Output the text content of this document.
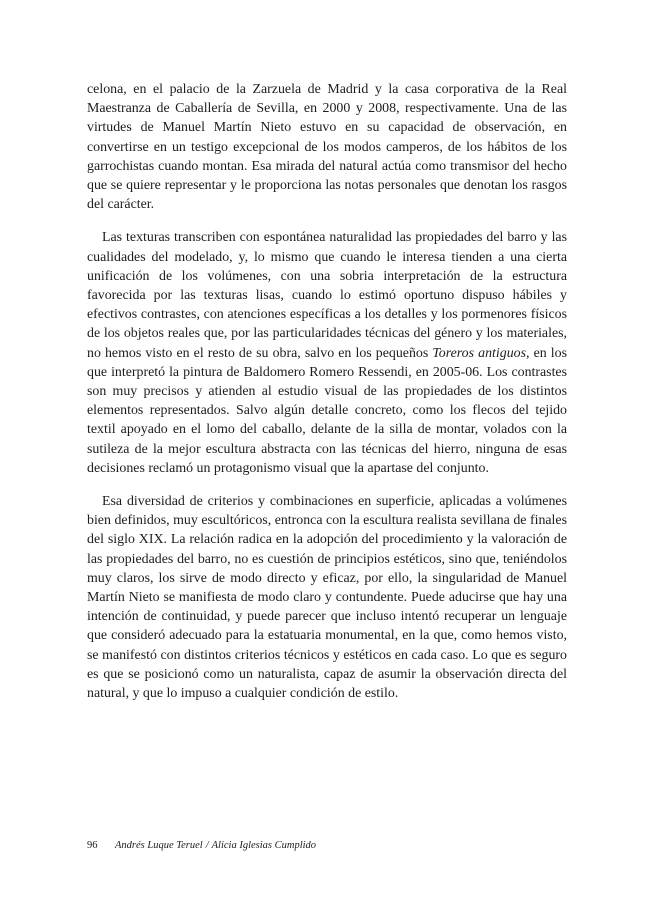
celona, en el palacio de la Zarzuela de Madrid y la casa corporativa de la Real Maestranza de Caballería de Sevilla, en 2000 y 2008, respectivamente. Una de las virtudes de Manuel Martín Nieto estuvo en su capacidad de observación, en convertirse en un testigo excepcional de los modos camperos, de los hábitos de los garrochistas cuando montan. Esa mirada del natural actúa como transmisor del hecho que se quiere representar y le proporciona las notas personales que denotan los rasgos del carácter.

Las texturas transcriben con espontánea naturalidad las propiedades del barro y las cualidades del modelado, y, lo mismo que cuando le interesa tienden a una cierta unificación de los volúmenes, con una sobria interpretación de la estructura favorecida por las texturas lisas, cuando lo estimó oportuno dispuso hábiles y efectivos contrastes, con atenciones específicas a los detalles y los pormenores físicos de los objetos reales que, por las particularidades técnicas del género y los materiales, no hemos visto en el resto de su obra, salvo en los pequeños Toreros antiguos, en los que interpretó la pintura de Baldomero Romero Ressendi, en 2005-06. Los contrastes son muy precisos y atienden al estudio visual de las propiedades de los distintos elementos representados. Salvo algún detalle concreto, como los flecos del tejido textil apoyado en el lomo del caballo, delante de la silla de montar, volados con la sutileza de la mejor escultura abstracta con las técnicas del hierro, ninguna de esas decisiones reclamó un protagonismo visual que la apartase del conjunto.

Esa diversidad de criterios y combinaciones en superficie, aplicadas a volúmenes bien definidos, muy escultóricos, entronca con la escultura realista sevillana de finales del siglo XIX. La relación radica en la adopción del procedimiento y la valoración de las propiedades del barro, no es cuestión de principios estéticos, sino que, teniéndolos muy claros, los sirve de modo directo y eficaz, por ello, la singularidad de Manuel Martín Nieto se manifiesta de modo claro y contundente. Puede aducirse que hay una intención de continuidad, y puede parecer que incluso intentó recuperar un lenguaje que consideró adecuado para la estatuaria monumental, en la que, como hemos visto, se manifestó con distintos criterios técnicos y estéticos en cada caso. Lo que es seguro es que se posicionó como un naturalista, capaz de asumir la observación directa del natural, y que lo impuso a cualquier condición de estilo.

96 Andrés Luque Teruel / Alicia Iglesias Cumplido
